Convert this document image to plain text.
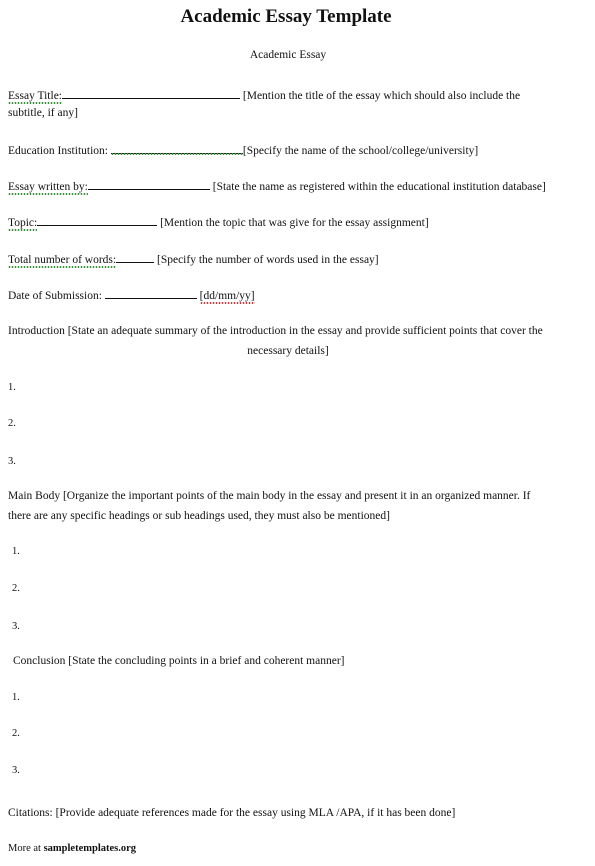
Academic Essay Template
Academic Essay
Essay Title:	[Mention the title of the essay which should also include the
subtitle, if any]
Education Institution:	[Specify the name of the school/college/university]
Essay written by:	[State the name as registered within the educational institution database]
Topic:	[Mention the topic that was give for the essay assignment]
Total number of words:	[Specify the number of words used in the essay]
Date of Submission:	[dd/mm/yy]
Introduction [State an adequate summary of the introduction in the essay and provide sufficient points that cover the
necessary details]
1.
2.
3.
Main Body [Organize the important points of the main body in the essay and present it in an organized manner. If
there are any specific headings or sub headings used, they must also be mentioned]
1.
2.
3.
Conclusion [State the concluding points in a brief and coherent manner]
1.
2.
3.
Citations: [Provide adequate references made for the essay using MLA /APA, if it has been done]
More at sampletemplates.org
